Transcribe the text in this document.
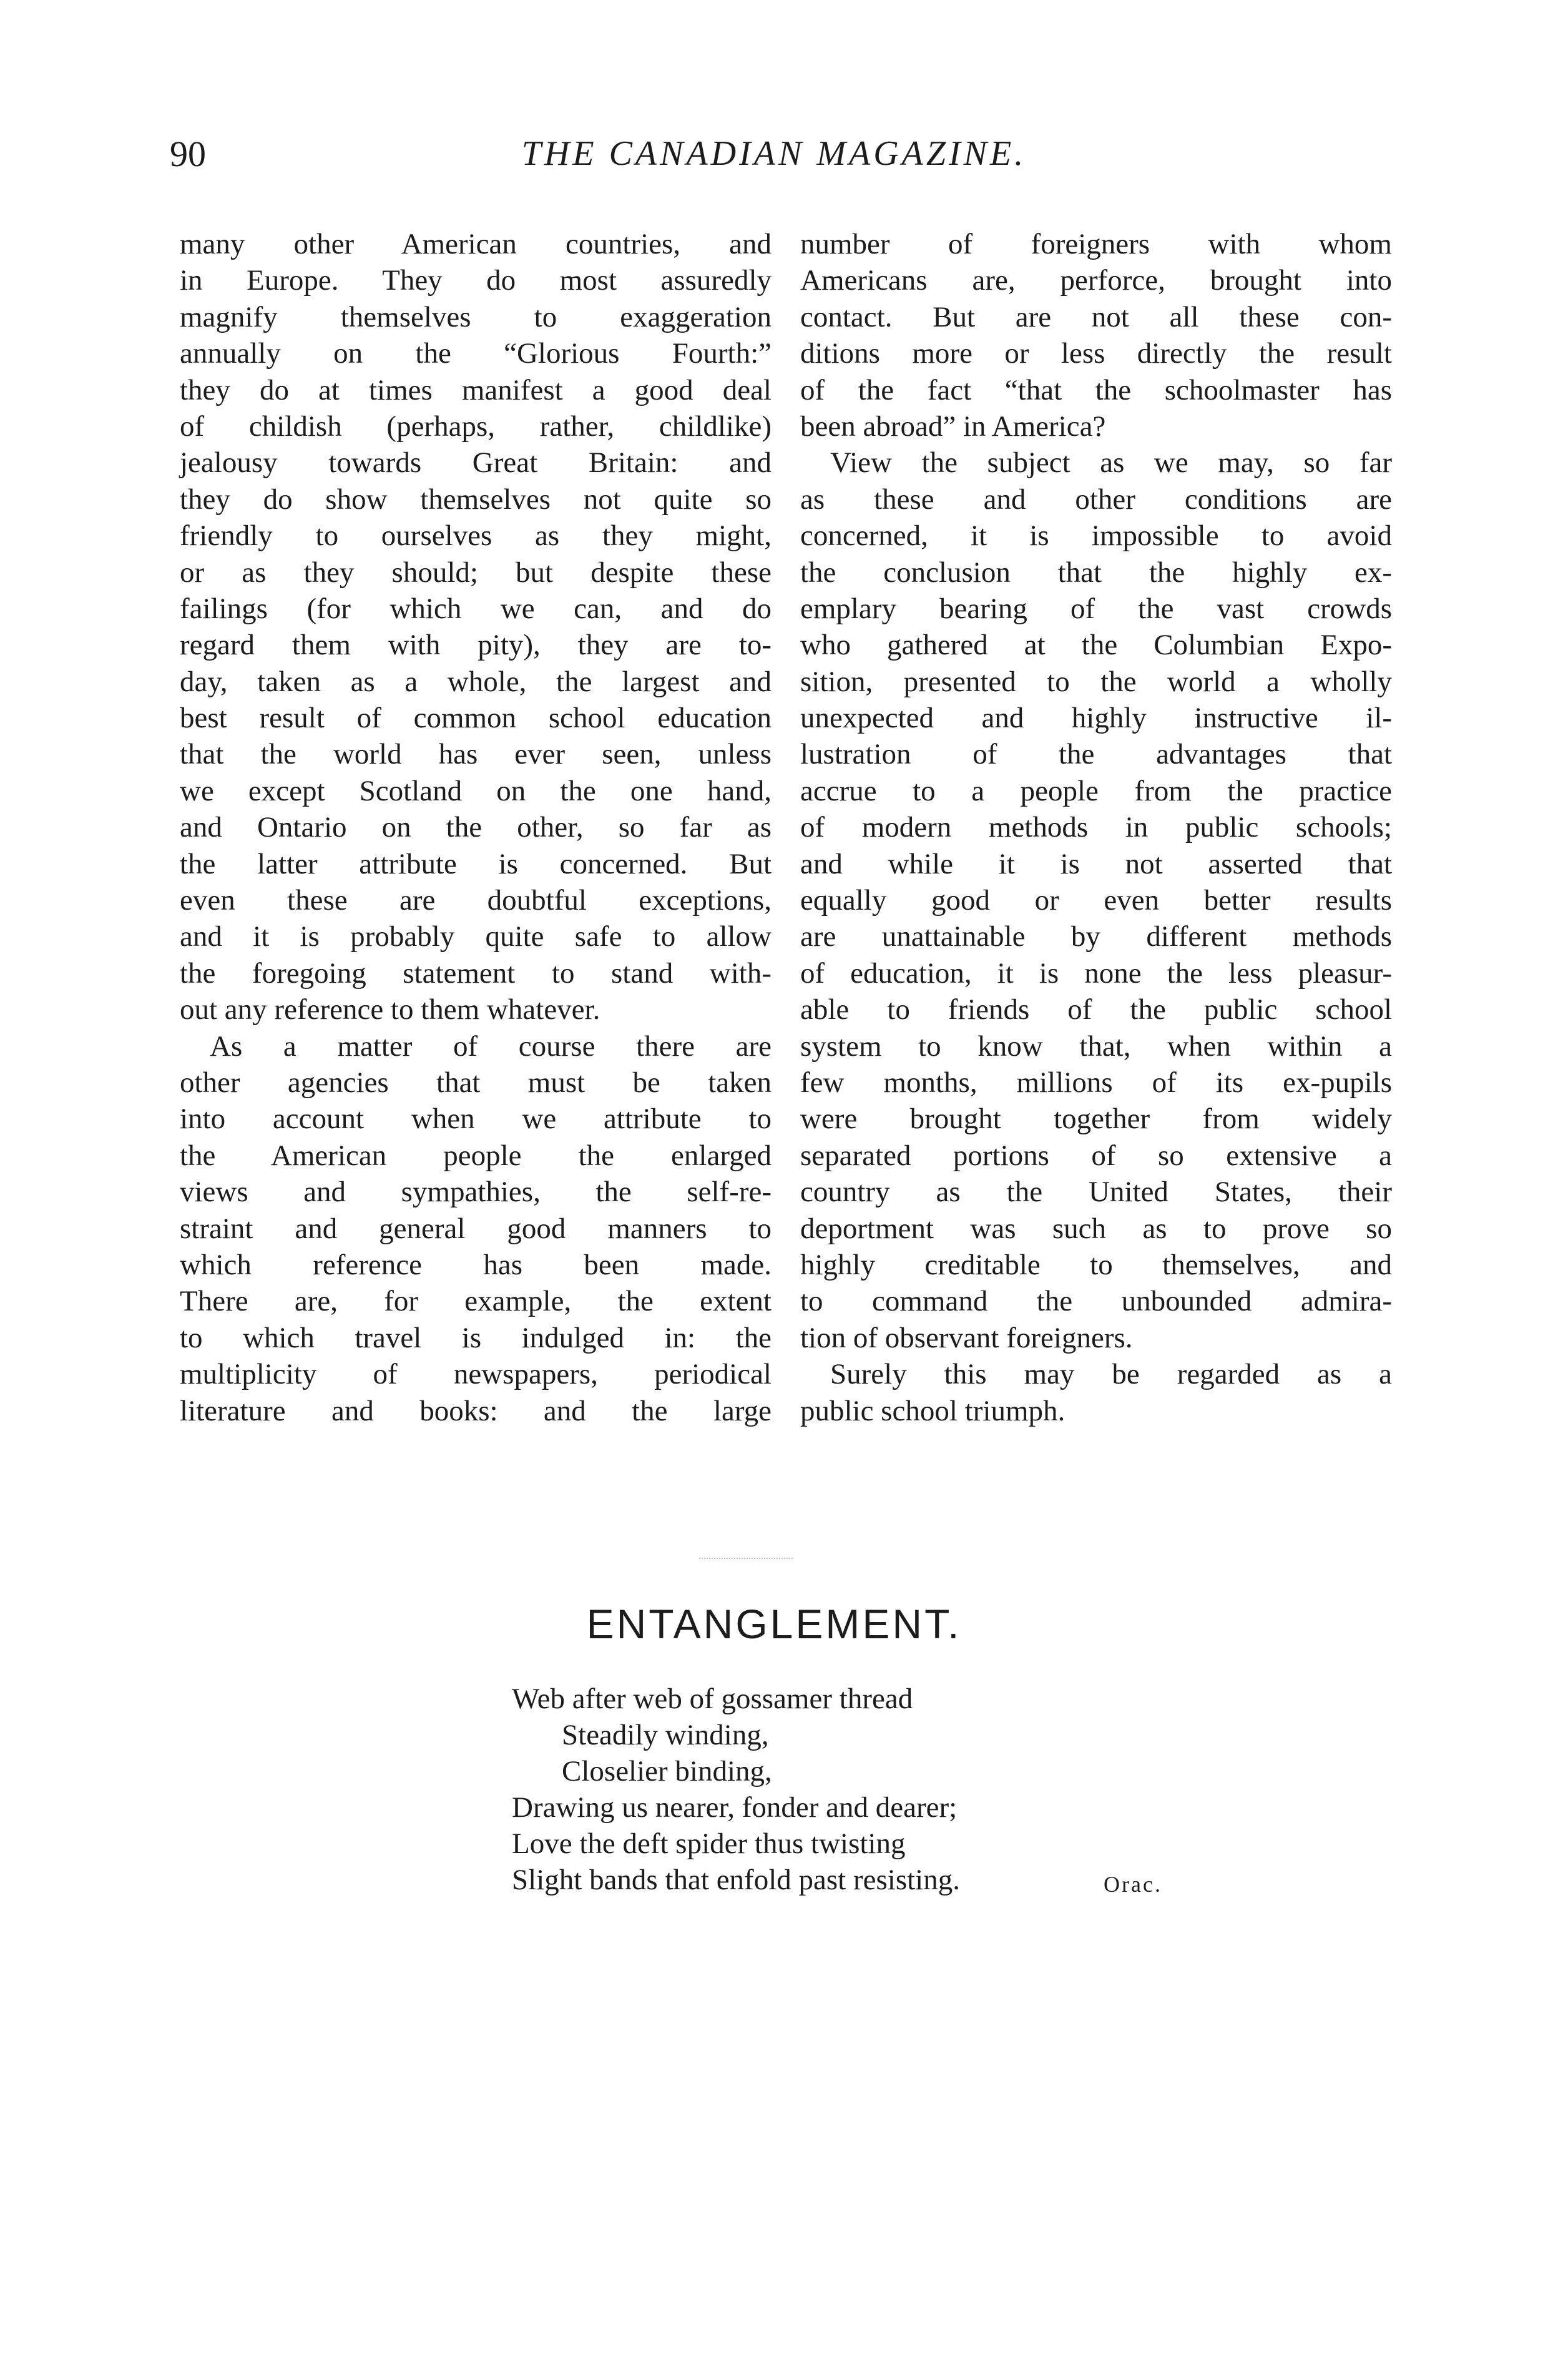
90	THE CANADIAN MAGAZINE.
many other American countries, and
in Europe. They do most assuredly
magnify themselves to exaggeration
annually on the “Glorious Fourth:”
they do at times manifest a good deal
of childish (perhaps, rather, childlike)
jealousy towards Great Britain: and
they do show themselves not quite so
friendly to ourselves as they might,
or as they should; but despite these
failings (for which we can, and do
regard them with pity), they are to-
day, taken as a whole, the largest and
best result of common school education
that the world has ever seen, unless
we except Scotland on the one hand,
and Ontario on the other, so far as
the latter attribute is concerned. But
even these are doubtful exceptions,
and it is probably quite safe to allow
the foregoing statement to stand with-
out any reference to them whatever.
As a matter of course there are
other agencies that must be taken
into account when we attribute to
the American people the enlarged
views and sympathies, the self-re-
straint and general good manners to
which reference has been made.
There are, for example, the extent
to which travel is indulged in: the
multiplicity of newspapers, periodical
literature and books: and the large
number of foreigners with whom
Americans are, perforce, brought into
contact. But are not all these con-
ditions more or less directly the result
of the fact “that the schoolmaster has
been abroad” in America?
View the subject as we may, so far
as these and other conditions are
concerned, it is impossible to avoid
the conclusion that the highly ex-
emplary bearing of the vast crowds
who gathered at the Columbian Expo-
sition, presented to the world a wholly
unexpected and highly instructive il-
lustration of the advantages that
accrue to a people from the practice
of modern methods in public schools;
and while it is not asserted that
equally good or even better results
are unattainable by different methods
of education, it is none the less pleasur-
able to friends of the public school
system to know that, when within a
few months, millions of its ex-pupils
were brought together from widely
separated portions of so extensive a
country as the United States, their
deportment was such as to prove so
highly creditable to themselves, and
to command the unbounded admira-
tion of observant foreigners.
Surely this may be regarded as a
public school triumph.
ENTANGLEMENT.
Web after web of gossamer thread
Steadily winding,
Closelier binding,
Drawing us nearer, fonder and dearer;
Love the deft spider thus twisting
Slight bands that enfold past resisting.	Orac.
